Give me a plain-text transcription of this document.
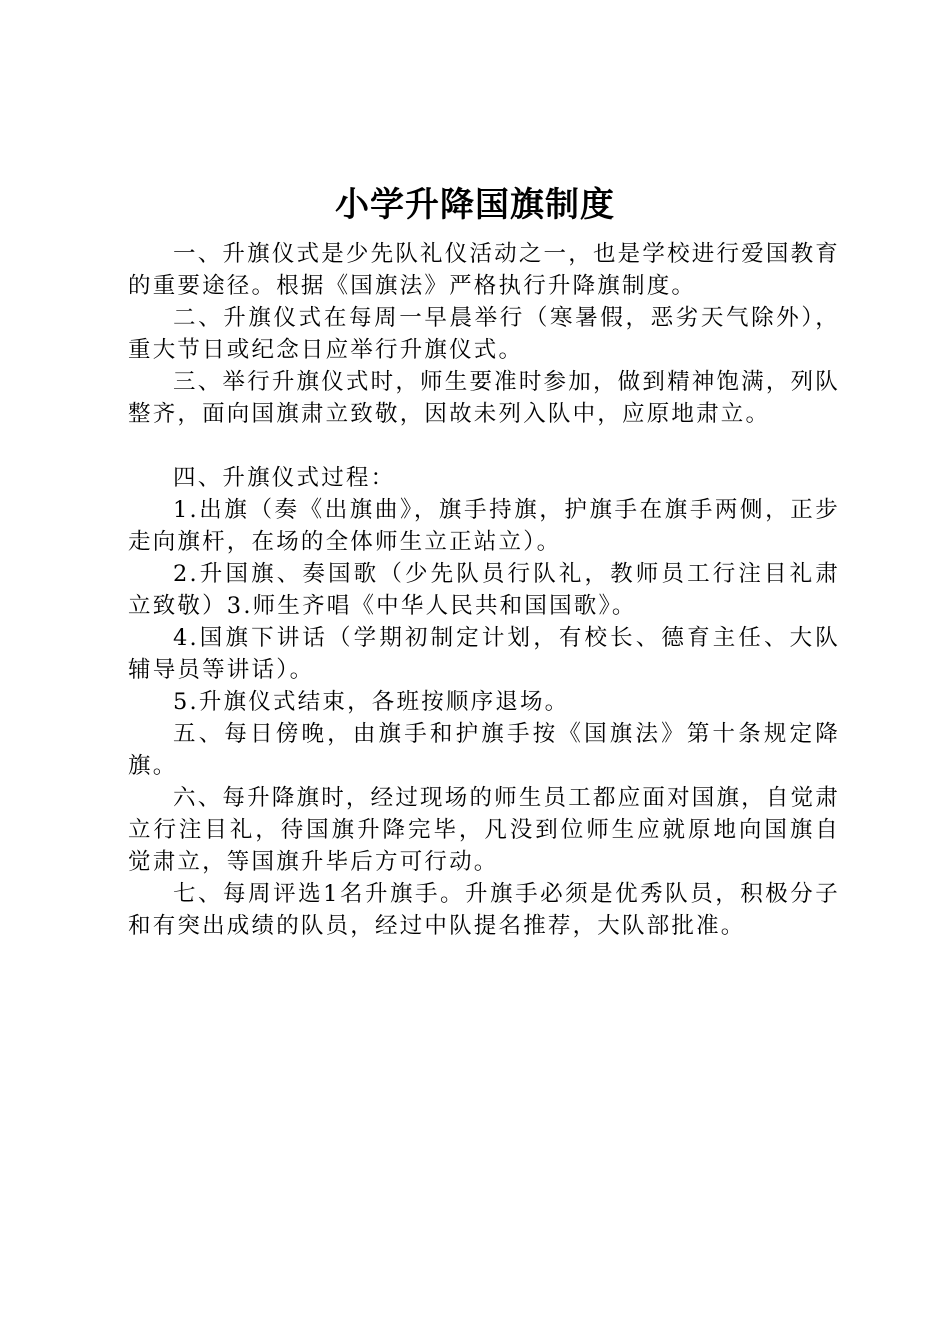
小学升降国旗制度

一、升旗仪式是少先队礼仪活动之一，也是学校进行爱国教育的重要途径。根据《国旗法》严格执行升降旗制度。

二、升旗仪式在每周一早晨举行（寒暑假，恶劣天气除外），重大节日或纪念日应举行升旗仪式。

三、举行升旗仪式时，师生要准时参加，做到精神饱满，列队整齐，面向国旗肃立致敬，因故未列入队中，应原地肃立。

四、升旗仪式过程：

1.出旗（奏《出旗曲》，旗手持旗，护旗手在旗手两侧，正步走向旗杆，在场的全体师生立正站立）。

2.升国旗、奏国歌（少先队员行队礼，教师员工行注目礼肃立致敬）3.师生齐唱《中华人民共和国国歌》。

4.国旗下讲话（学期初制定计划，有校长、德育主任、大队辅导员等讲话）。

5.升旗仪式结束，各班按顺序退场。

五、每日傍晚，由旗手和护旗手按《国旗法》第十条规定降旗。

六、每升降旗时，经过现场的师生员工都应面对国旗，自觉肃立行注目礼，待国旗升降完毕，凡没到位师生应就原地向国旗自觉肃立，等国旗升毕后方可行动。

七、每周评选1名升旗手。升旗手必须是优秀队员，积极分子和有突出成绩的队员，经过中队提名推荐，大队部批准。
